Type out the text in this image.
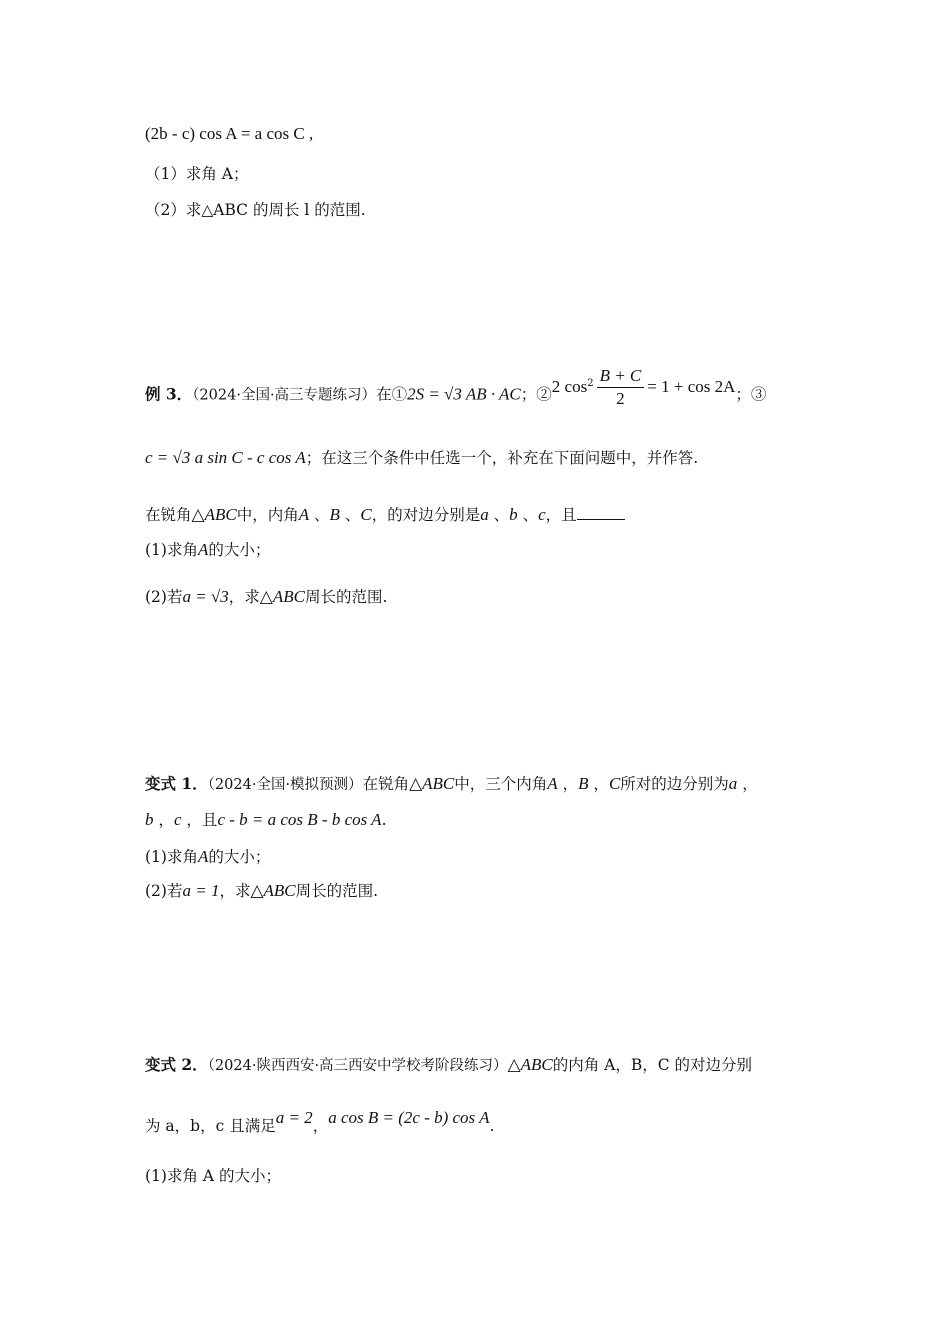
(2b - c) cos A = a cos C ,
（1）求角 A；
（2）求△ABC 的周长 l 的范围.
例 3．（2024·全国·高三专题练习）在①2S = √3 AB · AC；②2 $\cos^2 \frac{B + C}{2} = 1 + \cos 2A$；③
c = √3 a sin C - c cos A；在这三个条件中任选一个，补充在下面问题中，并作答.
在锐角△ABC中，内角A 、B 、C，的对边分别是a 、b 、c，且
(1)求角A的大小；
(2)若a = √3，求△ABC周长的范围.
变式 1．（2024·全国·模拟预测）在锐角△ABC中，三个内角A ，B ，C所对的边分别为a ，
b ，c ，且c - b = a cos B - b cos A.
(1)求角A的大小；
(2)若a = 1，求△ABC周长的范围.
变式 2．（2024·陕西西安·高三西安中学校考阶段练习）△ABC的内角 A，B，C 的对边分别
为 a，b，c 且满足a = 2，a cos B = (2c - b) cos A.
(1)求角 A 的大小；
